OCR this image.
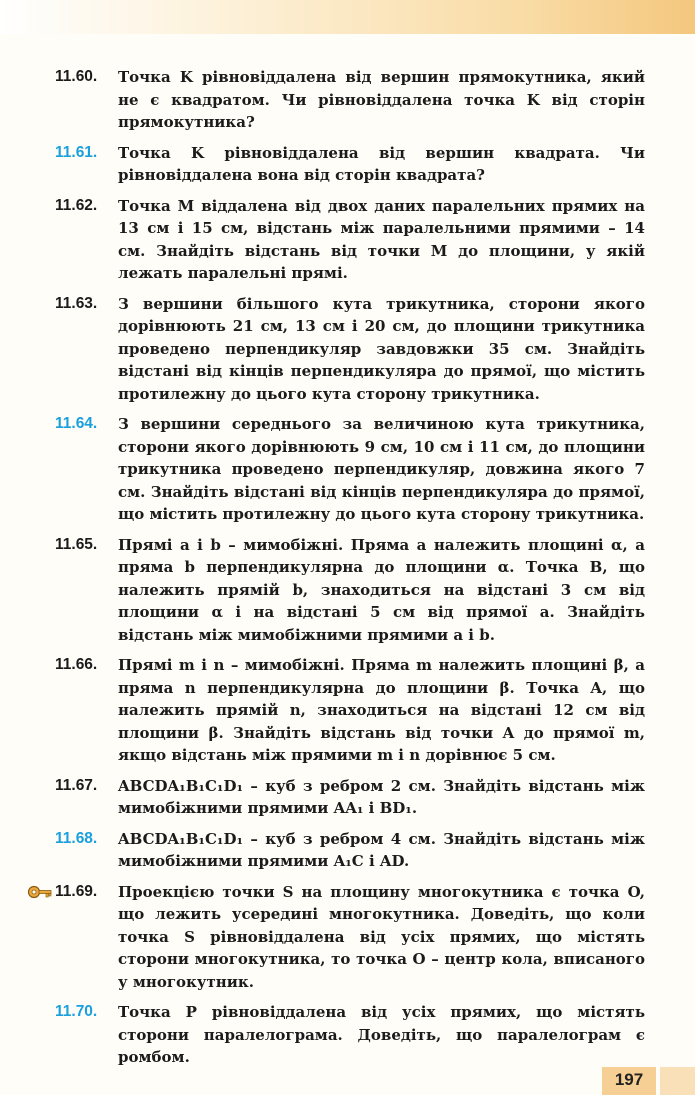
11.60. Точка K рівновіддалена від вершин прямокутника, який не є квадратом. Чи рівновіддалена точка K від сторін прямокутника?
11.61. Точка K рівновіддалена від вершин квадрата. Чи рівновіддалена вона від сторін квадрата?
11.62. Точка M віддалена від двох даних паралельних прямих на 13 см і 15 см, відстань між паралельними прямими – 14 см. Знайдіть відстань від точки M до площини, у якій лежать паралельні прямі.
11.63. З вершини більшого кута трикутника, сторони якого дорівнюють 21 см, 13 см і 20 см, до площини трикутника проведено перпендикуляр завдовжки 35 см. Знайдіть відстані від кінців перпендикуляра до прямої, що містить протилежну до цього кута сторону трикутника.
11.64. З вершини середнього за величиною кута трикутника, сторони якого дорівнюють 9 см, 10 см і 11 см, до площини трикутника проведено перпендикуляр, довжина якого 7 см. Знайдіть відстані від кінців перпендикуляра до прямої, що містить протилежну до цього кута сторону трикутника.
11.65. Прямі a і b – мимобіжні. Пряма a належить площині α, а пряма b перпендикулярна до площини α. Точка B, що належить прямій b, знаходиться на відстані 3 см від площини α і на відстані 5 см від прямої a. Знайдіть відстань між мимобіжними прямими a і b.
11.66. Прямі m і n – мимобіжні. Пряма m належить площині β, а пряма n перпендикулярна до площини β. Точка A, що належить прямій n, знаходиться на відстані 12 см від площини β. Знайдіть відстань від точки A до прямої m, якщо відстань між прямими m і n дорівнює 5 см.
11.67. ABCDA₁B₁C₁D₁ – куб з ребром 2 см. Знайдіть відстань між мимобіжними прямими AA₁ і BD₁.
11.68. ABCDA₁B₁C₁D₁ – куб з ребром 4 см. Знайдіть відстань між мимобіжними прямими A₁C і AD.
11.69. Проекцією точки S на площину многокутника є точка O, що лежить усередині многокутника. Доведіть, що коли точка S рівновіддалена від усіх прямих, що містять сторони многокутника, то точка O – центр кола, вписаного у многокутник.
11.70. Точка P рівновіддалена від усіх прямих, що містять сторони паралелограма. Доведіть, що паралелограм є ромбом.
197
